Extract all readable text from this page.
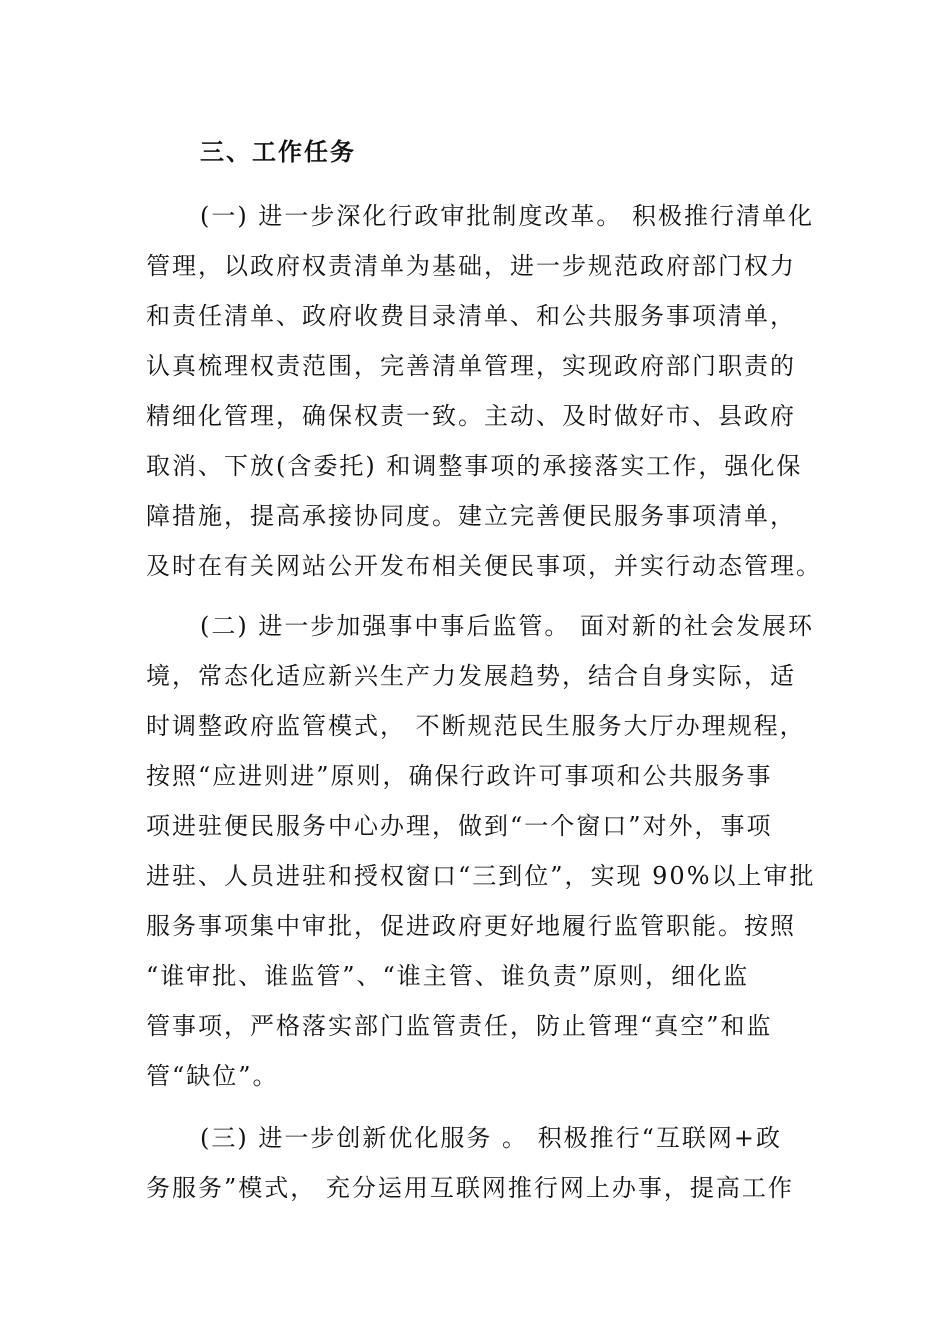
三、工作任务

(一) 进一步深化行政审批制度改革。 积极推行清单化

管理，以政府权责清单为基础，进一步规范政府部门权力

和责任清单、政府收费目录清单、和公共服务事项清单，

认真梳理权责范围，完善清单管理，实现政府部门职责的

精细化管理，确保权责一致。主动、及时做好市、县政府

取消、下放(含委托) 和调整事项的承接落实工作，强化保

障措施，提高承接协同度。建立完善便民服务事项清单，

及时在有关网站公开发布相关便民事项，并实行动态管理。

(二) 进一步加强事中事后监管。 面对新的社会发展环

境，常态化适应新兴生产力发展趋势，结合自身实际，适

时调整政府监管模式， 不断规范民生服务大厅办理规程，

按照“应进则进”原则，确保行政许可事项和公共服务事

项进驻便民服务中心办理，做到“一个窗口”对外，事项

进驻、人员进驻和授权窗口“三到位”，实现 90%以上审批

服务事项集中审批，促进政府更好地履行监管职能。按照

“谁审批、谁监管”、“谁主管、谁负责”原则，细化监

管事项，严格落实部门监管责任，防止管理“真空”和监

管“缺位”。

(三) 进一步创新优化服务 。 积极推行“互联网+政

务服务”模式， 充分运用互联网推行网上办事，提高工作
